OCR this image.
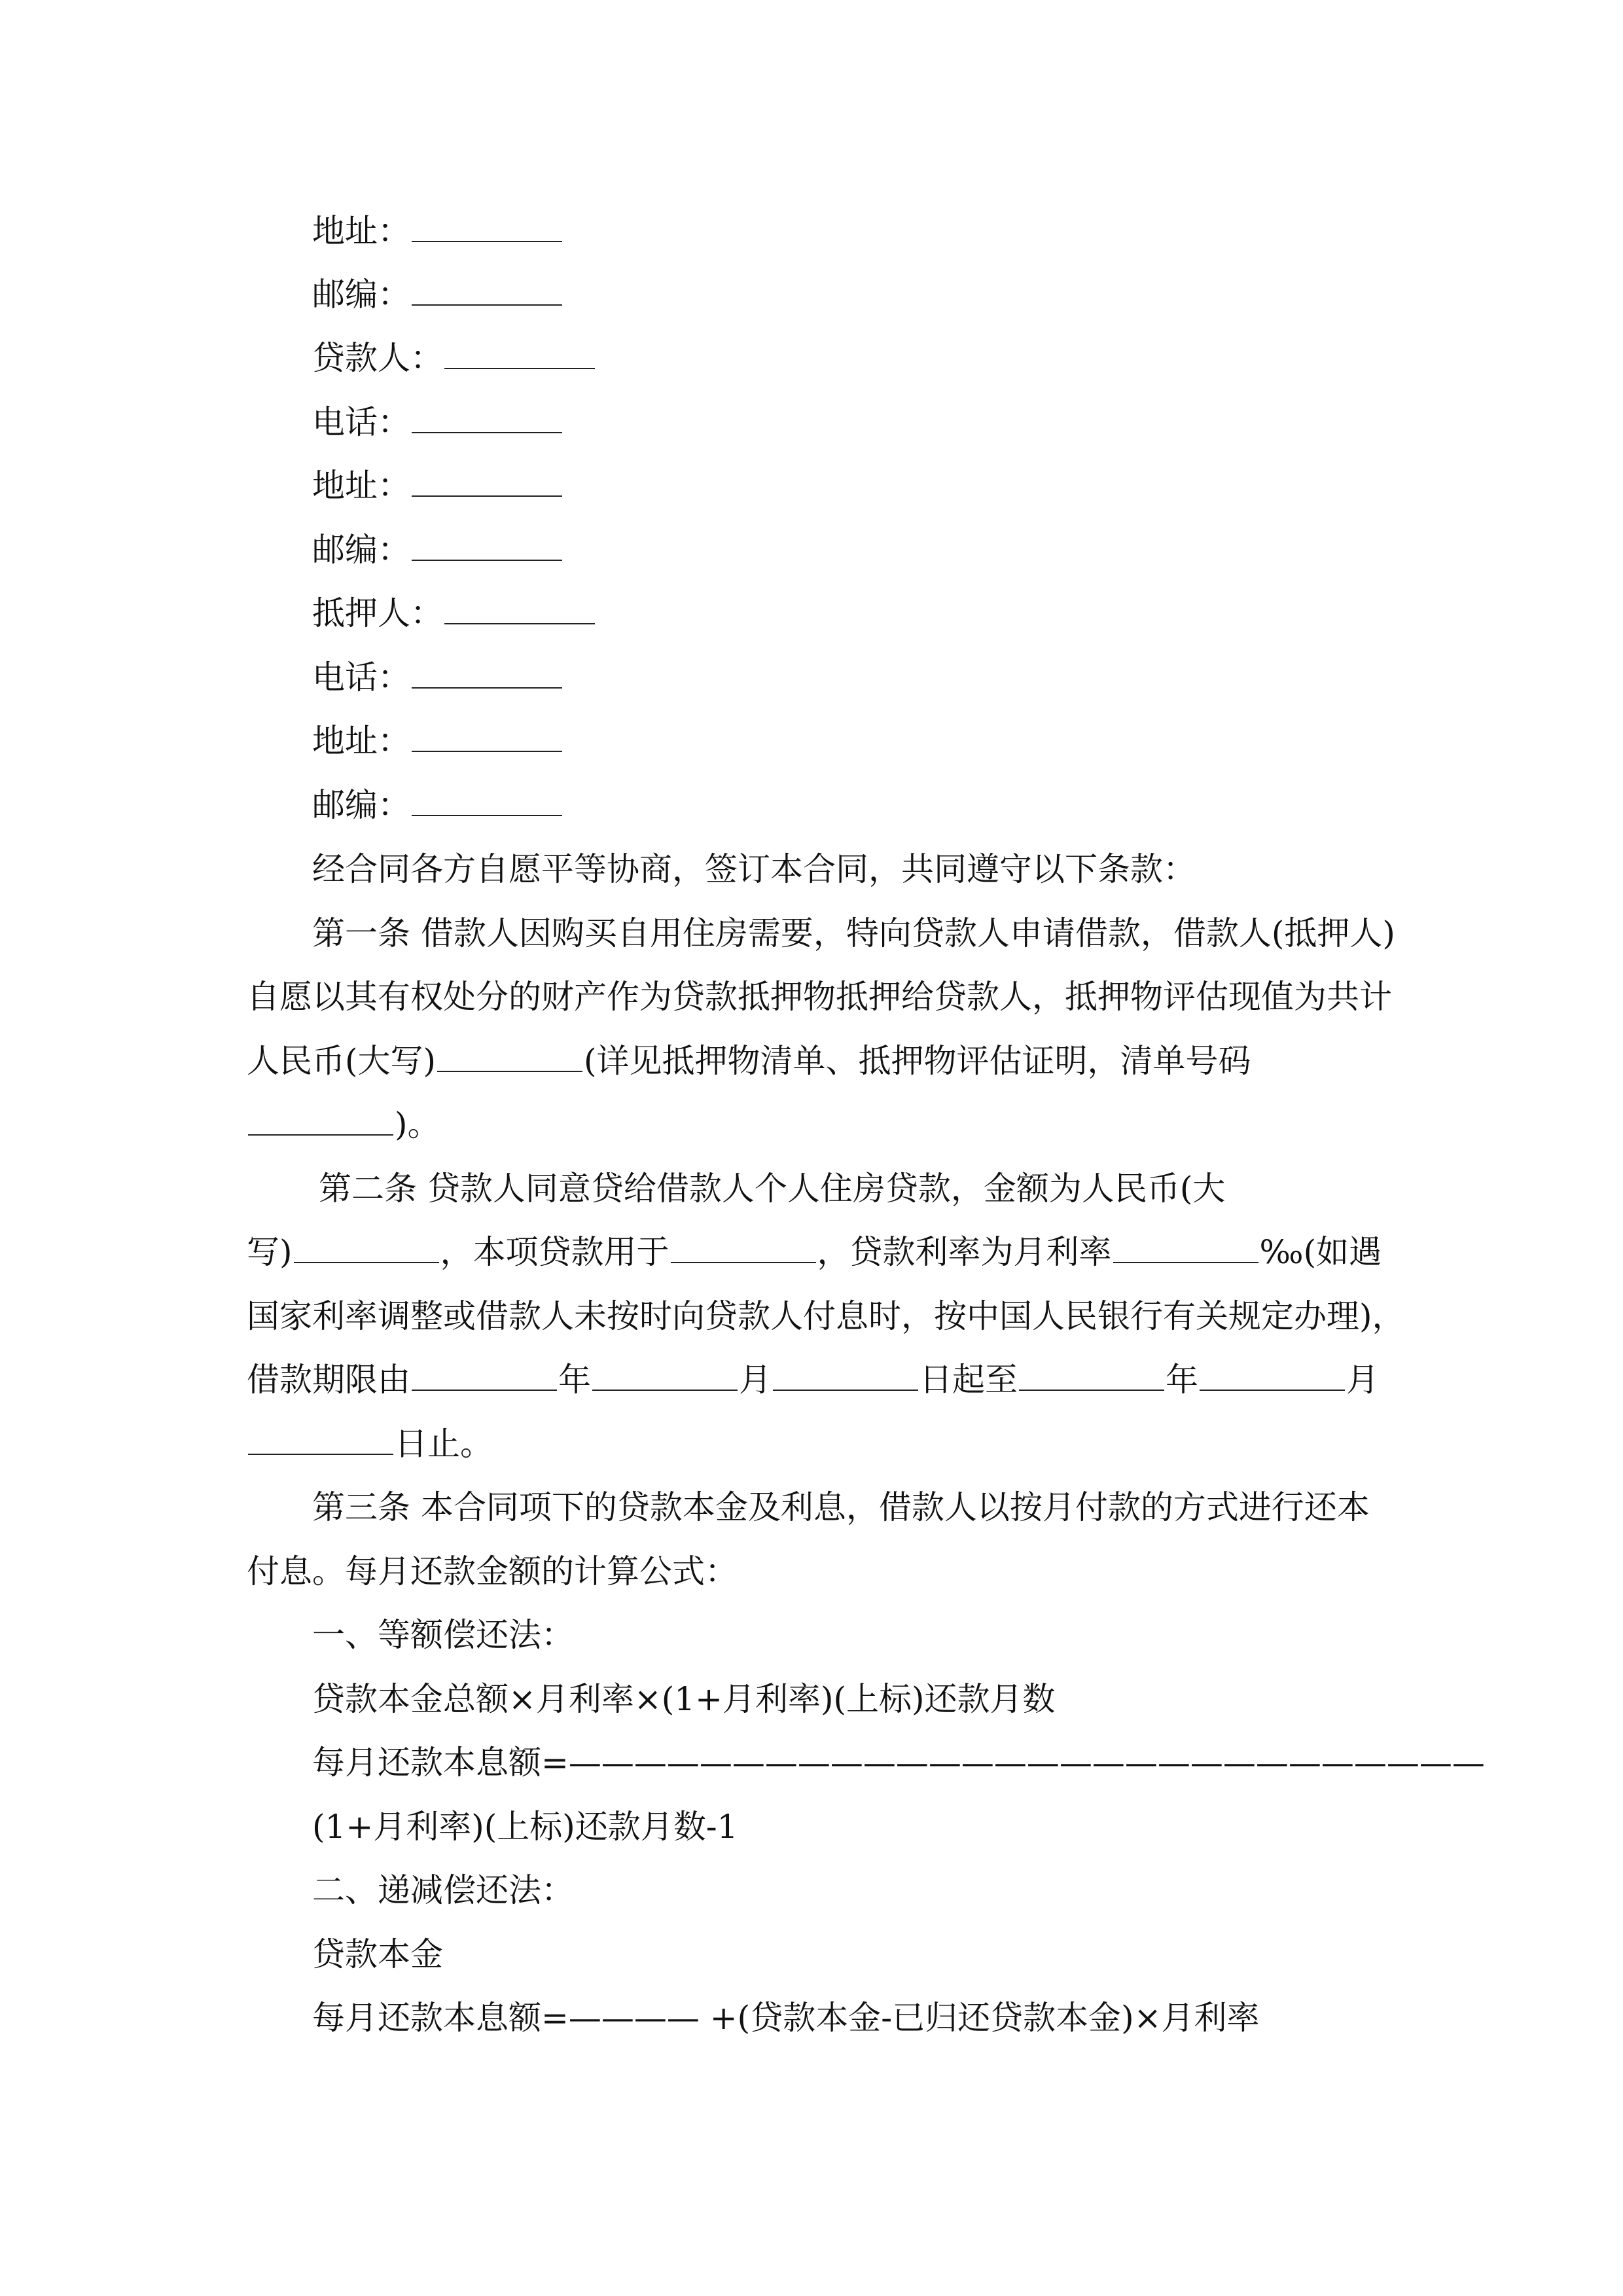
地址：
邮编：
贷款人：
电话：
地址：
邮编：
抵押人：
电话：
地址：
邮编：
经合同各方自愿平等协商，签订本合同，共同遵守以下条款：
第一条 借款人因购买自用住房需要，特向贷款人申请借款，借款人(抵押人)
自愿以其有权处分的财产作为贷款抵押物抵押给贷款人，抵押物评估现值为共计
人民币(大写)	(详见抵押物清单、抵押物评估证明，清单号码
)。
第二条 贷款人同意贷给借款人个人住房贷款，金额为人民币(大
写)	，本项贷款用于	，贷款利率为月利率	‰(如遇
国家利率调整或借款人未按时向贷款人付息时，按中国人民银行有关规定办理)，
借款期限由	年	月	日起至	年	月
日止。
第三条 本合同项下的贷款本金及利息，借款人以按月付款的方式进行还本
付息。每月还款金额的计算公式：
一、等额偿还法：
贷款本金总额×月利率×(1+月利率)(上标)还款月数
每月还款本息额=————————————————————————————
(1+月利率)(上标)还款月数-1
二、递减偿还法：
贷款本金
每月还款本息额=———— +(贷款本金-已归还贷款本金)×月利率
